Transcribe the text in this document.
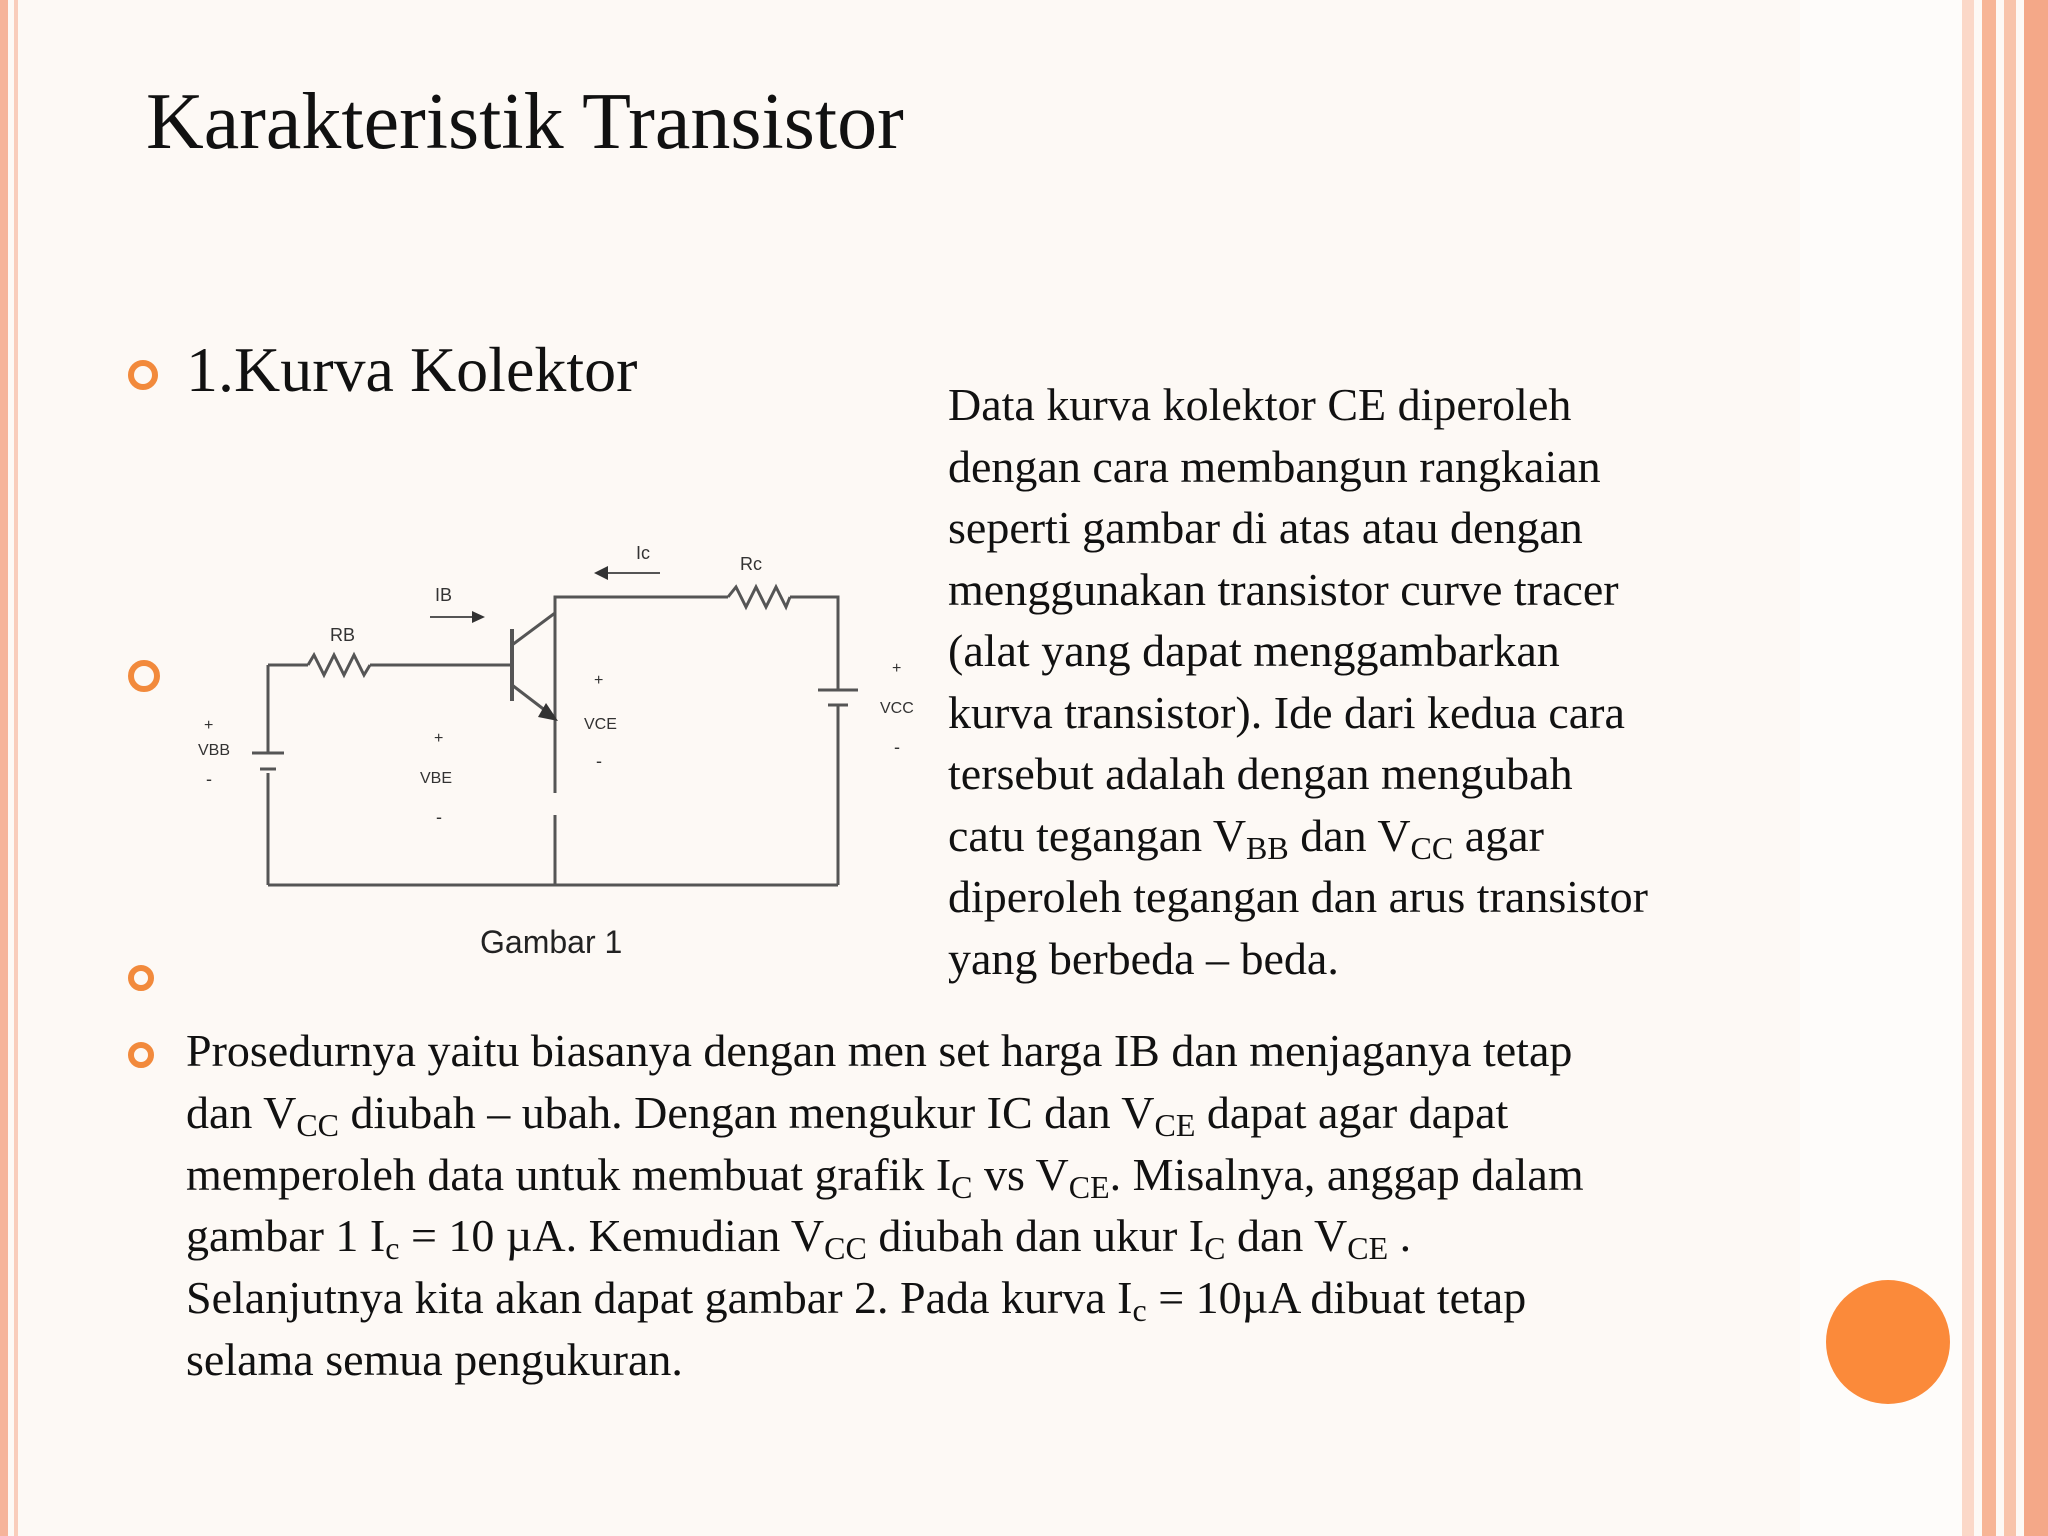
Karakteristik Transistor
1.Kurva Kolektor
Ic
Rc
RB
IB
VBB
+
-	VBE
+
-
VCE
+
-
VCC
+
-
Gambar 1
Data kurva kolektor CE diperoleh
dengan cara membangun rangkaian
seperti gambar di atas atau dengan
menggunakan transistor curve tracer
(alat yang dapat menggambarkan
kurva transistor). Ide dari kedua cara
tersebut adalah dengan mengubah
catu tegangan $V_{BB}$ dan $V_{CC}$ agar
diperoleh tegangan dan arus transistor
yang berbeda – beda.
Prosedurnya yaitu biasanya dengan men set harga IB dan menjaganya tetap
dan $V_{CC}$ diubah – ubah. Dengan mengukur IC dan $V_{CE}$ dapat agar dapat
memperoleh data untuk membuat grafik $I_C$ vs $V_{CE}$. Misalnya, anggap dalam
gambar 1 $I_c = 10$ µA. Kemudian $V_{CC}$ diubah dan ukur $I_C$ dan $V_{CE}$ .
Selanjutnya kita akan dapat gambar 2. Pada kurva $I_c = 10\mu A$ dibuat tetap
selama semua pengukuran.
